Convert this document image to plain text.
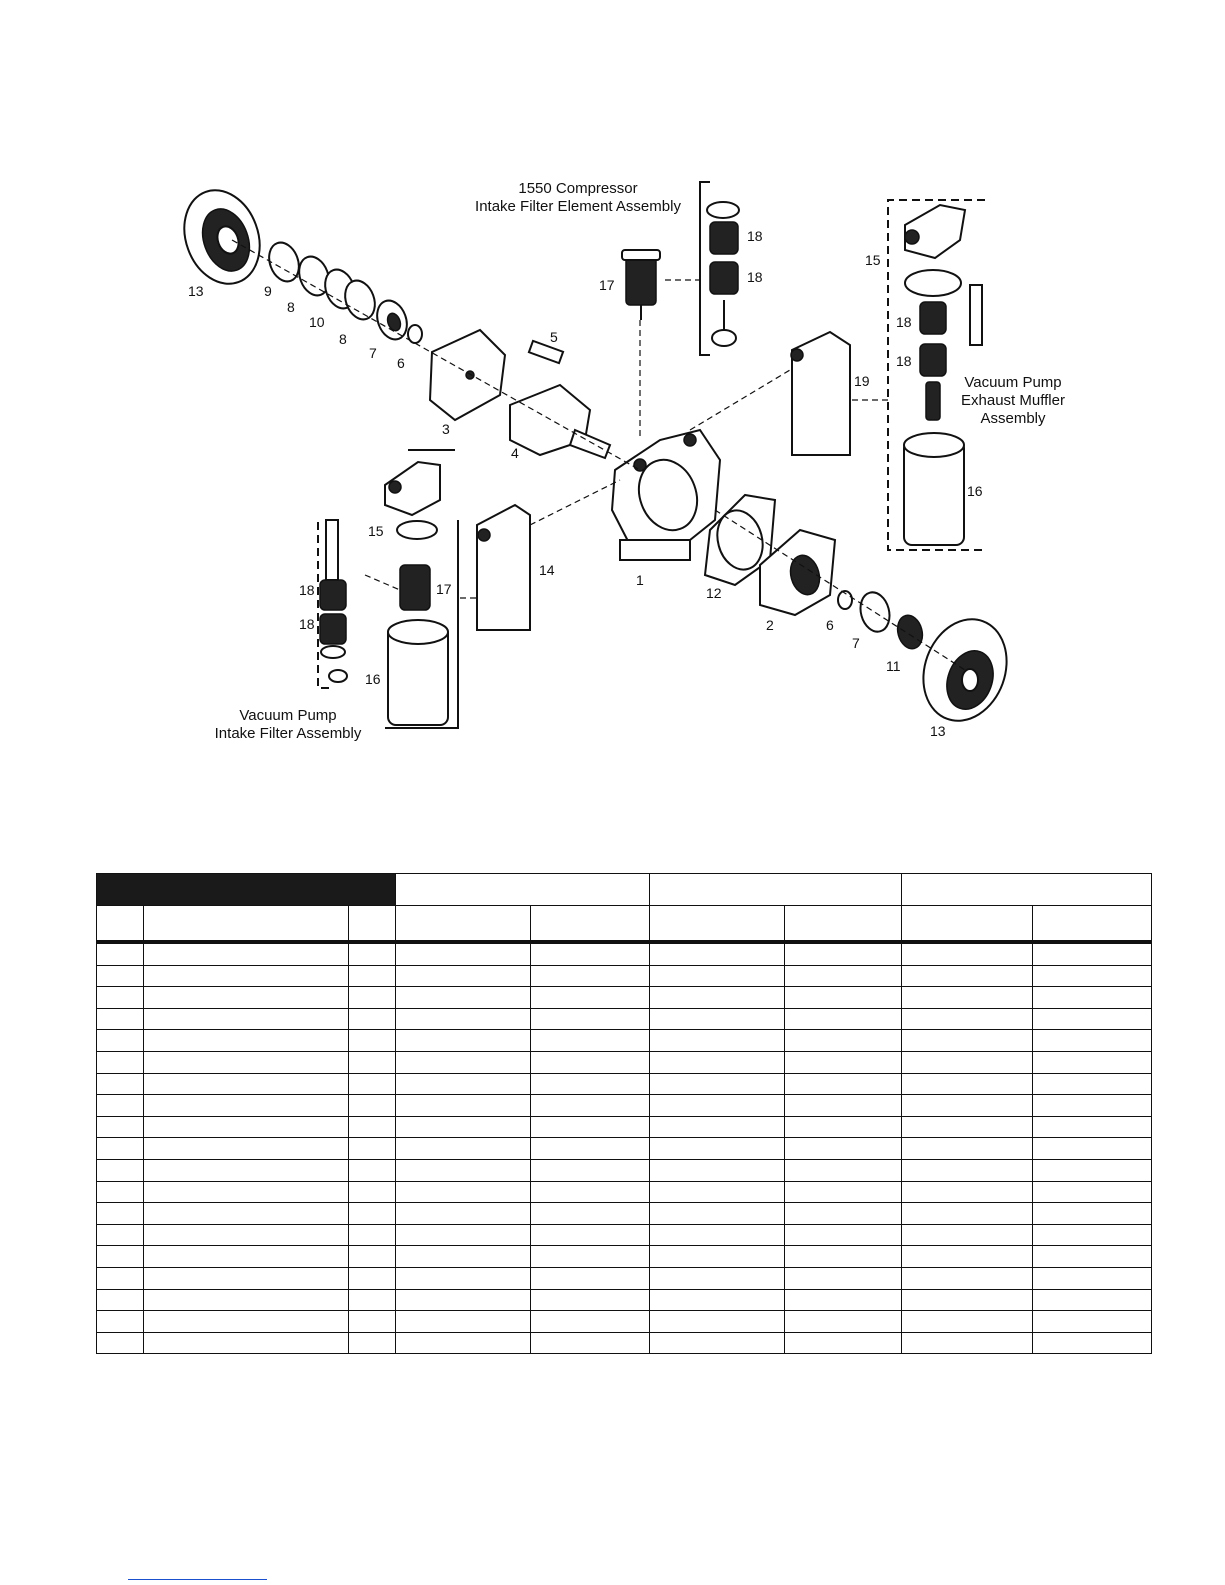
1550 Compressor
Intake Filter Element Assembly
Vacuum Pump
Exhaust Muffler
Assembly
Vacuum Pump
Intake Filter Assembly
13	9
8
10
8
7
6
5
3
4
17
18
18
15
18
18
19
16
1
12
2	6
7
11
13
15
17
14
18
18
16
